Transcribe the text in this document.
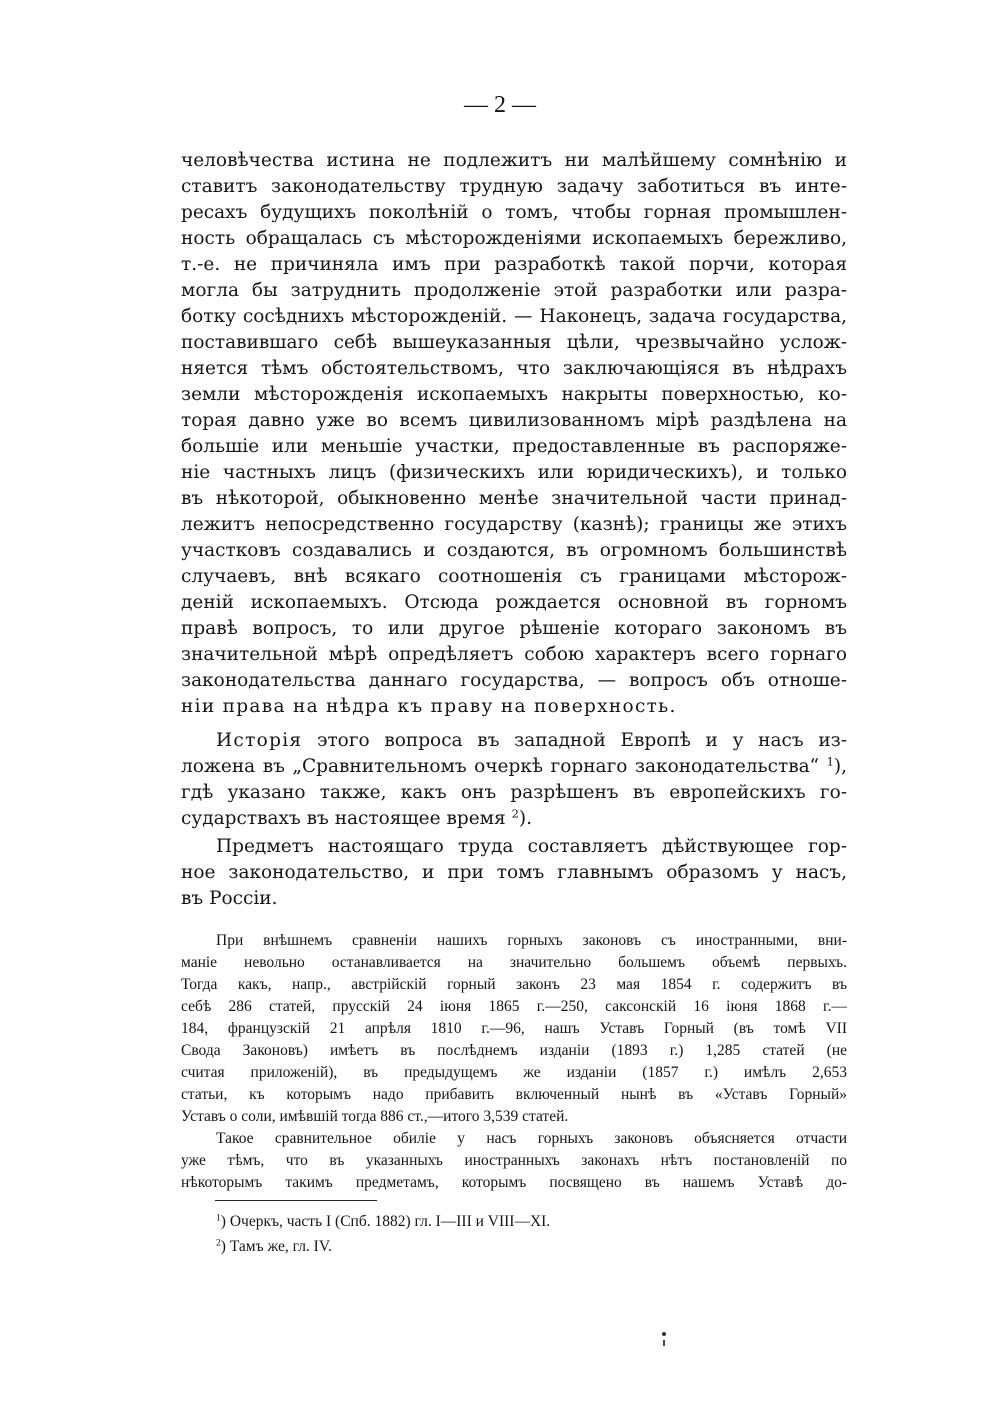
— 2 —
человѣчества истина не подлежитъ ни малѣйшему сомнѣнію и
ставитъ законодательству трудную задачу заботиться въ инте-
ресахъ будущихъ поколѣній о томъ, чтобы горная промышлен-
ность обращалась съ мѣсторожденіями ископаемыхъ бережливо,
т.-е. не причиняла имъ при разработкѣ такой порчи, которая
могла бы затруднить продолженіе этой разработки или разра-
ботку сосѣднихъ мѣсторожденій. — Наконецъ, задача государства,
поставившаго себѣ вышеуказанныя цѣли, чрезвычайно услож-
няется тѣмъ обстоятельствомъ, что заключающіяся въ нѣдрахъ
земли мѣсторожденія ископаемыхъ накрыты поверхностью, ко-
торая давно уже во всемъ цивилизованномъ мірѣ раздѣлена на
большіе или меньшіе участки, предоставленные въ распоряже-
ніе частныхъ лицъ (физическихъ или юридическихъ), и только
въ нѣкоторой, обыкновенно менѣе значительной части принад-
лежитъ непосредственно государству (казнѣ); границы же этихъ
участковъ создавались и создаются, въ огромномъ большинствѣ
случаевъ, внѣ всякаго соотношенія съ границами мѣсторож-
деній ископаемыхъ. Отсюда рождается основной въ горномъ
правѣ вопросъ, то или другое рѣшеніе котораго закономъ въ
значительной мѣрѣ опредѣляетъ собою характеръ всего горнаго
законодательства даннаго государства, — вопросъ объ отноше-
ніи права на нѣдра къ праву на поверхность.
Исторія этого вопроса въ западной Европѣ и у насъ из-
ложена въ „Сравнительномъ очеркѣ горнаго законодательства“ $^1$),
гдѣ указано также, какъ онъ разрѣшенъ въ европейскихъ го-
сударствахъ въ настоящее время $^2$).
Предметъ настоящаго труда составляетъ дѣйствующее гор-
ное законодательство, и при томъ главнымъ образомъ у насъ,
въ Россіи.
При внѣшнемъ сравненіи нашихъ горныхъ законовъ съ иностранными, вни-
маніе невольно останавливается на значительно большемъ объемѣ первыхъ.
Тогда какъ, напр., австрійскій горный законъ 23 мая 1854 г. содержитъ въ
себѣ 286 статей, прусскій 24 іюня 1865 г.—250, саксонскій 16 іюня 1868 г.—
184, французскій 21 апрѣля 1810 г.—96, нашъ Уставъ Горный (въ томѣ VII
Свода Законовъ) имѣетъ въ послѣднемъ изданіи (1893 г.) 1,285 статей (не
считая приложеній), въ предыдущемъ же изданіи (1857 г.) имѣлъ 2,653
статьи, къ которымъ надо прибавить включенный нынѣ въ «Уставъ Горный»
Уставъ о соли, имѣвшій тогда 886 ст.,—итого 3,539 статей.
Такое сравнительное обиліе у насъ горныхъ законовъ объясняется отчасти
уже тѣмъ, что въ указанныхъ иностранныхъ законахъ нѣтъ постановленій по
нѣкоторымъ такимъ предметамъ, которымъ посвящено въ нашемъ Уставѣ до-
$^1$) Очеркъ, часть I (Спб. 1882) гл. I—III и VIII—XI.
$^2$) Тамъ же, гл. IV.
